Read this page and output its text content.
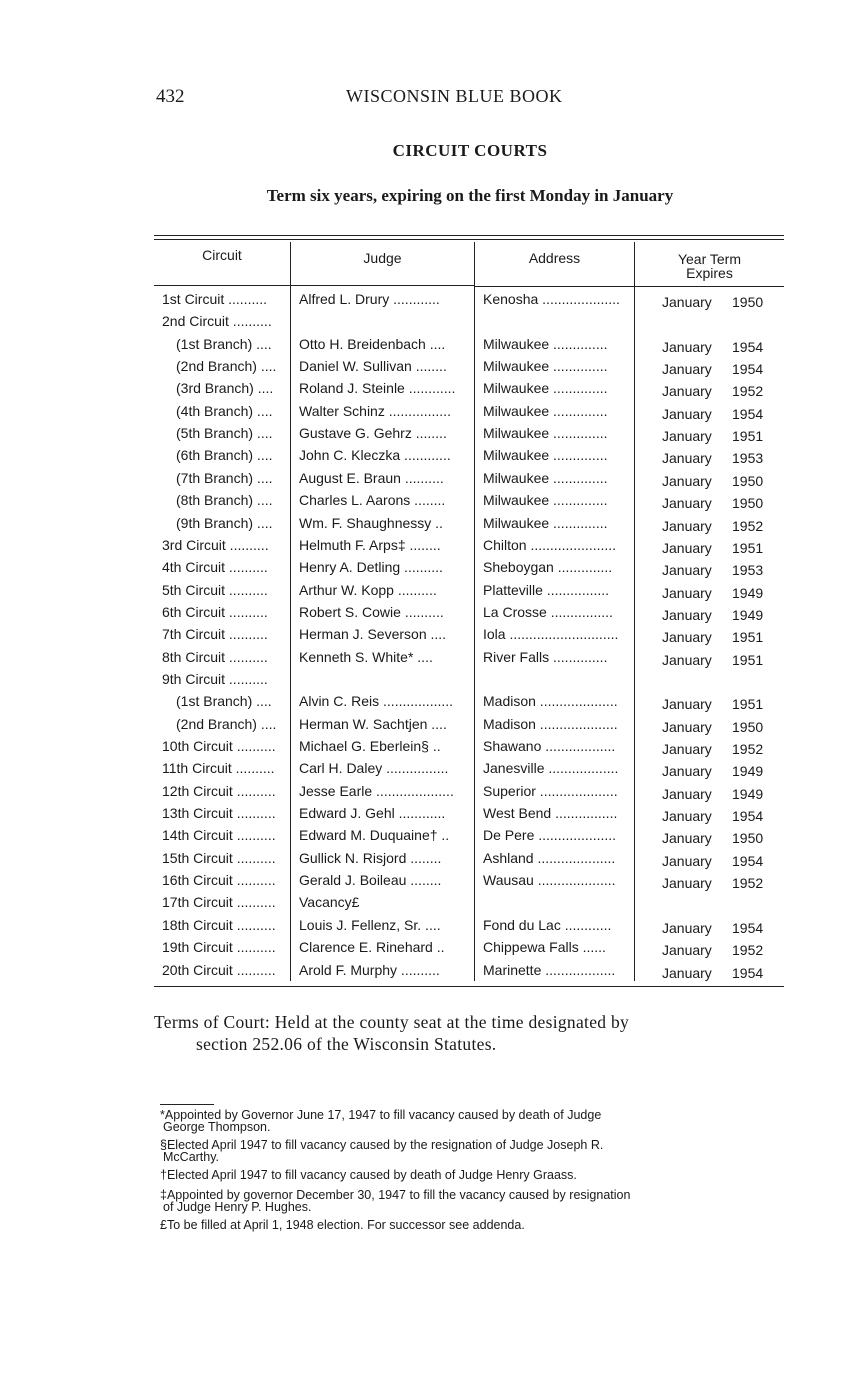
432	WISCONSIN BLUE BOOK
CIRCUIT COURTS
Term six years, expiring on the first Monday in January
Circuit	Judge	Address	Year Term
Expires
1st Circuit ..........	Alfred L. Drury ............	Kenosha ....................	January 1950
2nd Circuit ..........
(1st Branch) ....	Otto H. Breidenbach ....	Milwaukee ..............	January 1954
(2nd Branch) ....	Daniel W. Sullivan ........	Milwaukee ..............	January 1954
(3rd Branch) ....	Roland J. Steinle ............	Milwaukee ..............	January 1952
(4th Branch) ....	Walter Schinz ................	Milwaukee ..............	January 1954
(5th Branch) ....	Gustave G. Gehrz ........	Milwaukee ..............	January 1951
(6th Branch) ....	John C. Kleczka ............	Milwaukee ..............	January 1953
(7th Branch) ....	August E. Braun ..........	Milwaukee ..............	January 1950
(8th Branch) ....	Charles L. Aarons ........	Milwaukee ..............	January 1950
(9th Branch) ....	Wm. F. Shaughnessy ..	Milwaukee ..............	January 1952
3rd Circuit ..........	Helmuth F. Arps‡ ........	Chilton ......................	January 1951
4th Circuit ..........	Henry A. Detling ..........	Sheboygan ..............	January 1953
5th Circuit ..........	Arthur W. Kopp ..........	Platteville ................	January 1949
6th Circuit ..........	Robert S. Cowie ..........	La Crosse ................	January 1949
7th Circuit ..........	Herman J. Severson ....	Iola ............................	January 1951
8th Circuit ..........	Kenneth S. White* ....	River Falls ..............	January 1951
9th Circuit ..........
(1st Branch) ....	Alvin C. Reis ..................	Madison ....................	January 1951
(2nd Branch) ....	Herman W. Sachtjen ....	Madison ....................	January 1950
10th Circuit ..........	Michael G. Eberlein§ ..	Shawano ..................	January 1952
11th Circuit ..........	Carl H. Daley ................	Janesville ..................	January 1949
12th Circuit ..........	Jesse Earle ....................	Superior ....................	January 1949
13th Circuit ..........	Edward J. Gehl ............	West Bend ................	January 1954
14th Circuit ..........	Edward M. Duquaine† ..	De Pere ....................	January 1950
15th Circuit ..........	Gullick N. Risjord ........	Ashland ....................	January 1954
16th Circuit ..........	Gerald J. Boileau ........	Wausau ....................	January 1952
17th Circuit ..........	Vacancy£
18th Circuit ..........	Louis J. Fellenz, Sr. ....	Fond du Lac ............	January 1954
19th Circuit ..........	Clarence E. Rinehard ..	Chippewa Falls ......	January 1952
20th Circuit ..........	Arold F. Murphy ..........	Marinette ..................	January 1954
Terms of Court: Held at the county seat at the time designated by
section 252.06 of the Wisconsin Statutes.
*Appointed by Governor June 17, 1947 to fill vacancy caused by death of Judge
George Thompson.
§Elected April 1947 to fill vacancy caused by the resignation of Judge Joseph R.
McCarthy.
†Elected April 1947 to fill vacancy caused by death of Judge Henry Graass.
‡Appointed by governor December 30, 1947 to fill the vacancy caused by resignation
of Judge Henry P. Hughes.
£To be filled at April 1, 1948 election. For successor see addenda.
